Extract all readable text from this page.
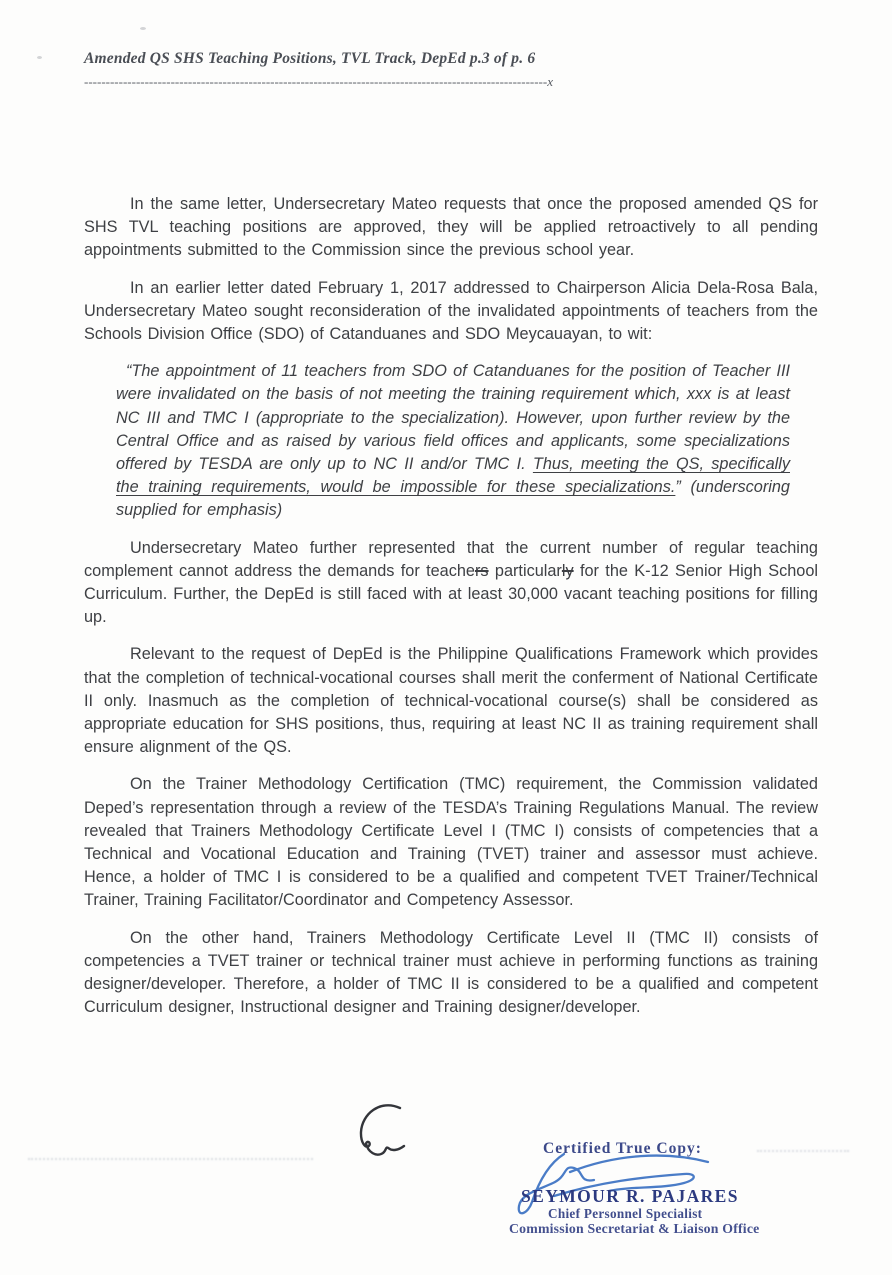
Amended QS SHS Teaching Positions, TVL Track, DepEd p.3 of p. 6
-----------------------------------------------------------------------------------------------------------x

In the same letter, Undersecretary Mateo requests that once the proposed amended QS for SHS TVL teaching positions are approved, they will be applied retroactively to all pending appointments submitted to the Commission since the previous school year.

In an earlier letter dated February 1, 2017 addressed to Chairperson Alicia Dela-Rosa Bala, Undersecretary Mateo sought reconsideration of the invalidated appointments of teachers from the Schools Division Office (SDO) of Catanduanes and SDO Meycauayan, to wit:

“The appointment of 11 teachers from SDO of Catanduanes for the position of Teacher III were invalidated on the basis of not meeting the training requirement which, xxx is at least NC III and TMC I (appropriate to the specialization). However, upon further review by the Central Office and as raised by various field offices and applicants, some specializations offered by TESDA are only up to NC II and/or TMC I. Thus, meeting the QS, specifically the training requirements, would be impossible for these specializations.” (underscoring supplied for emphasis)

Undersecretary Mateo further represented that the current number of regular teaching complement cannot address the demands for teachers particularly for the K-12 Senior High School Curriculum. Further, the DepEd is still faced with at least 30,000 vacant teaching positions for filling up.

Relevant to the request of DepEd is the Philippine Qualifications Framework which provides that the completion of technical-vocational courses shall merit the conferment of National Certificate II only. Inasmuch as the completion of technical-vocational course(s) shall be considered as appropriate education for SHS positions, thus, requiring at least NC II as training requirement shall ensure alignment of the QS.

On the Trainer Methodology Certification (TMC) requirement, the Commission validated Deped’s representation through a review of the TESDA’s Training Regulations Manual. The review revealed that Trainers Methodology Certificate Level I (TMC I) consists of competencies that a Technical and Vocational Education and Training (TVET) trainer and assessor must achieve. Hence, a holder of TMC I is considered to be a qualified and competent TVET Trainer/Technical Trainer, Training Facilitator/Coordinator and Competency Assessor.

On the other hand, Trainers Methodology Certificate Level II (TMC II) consists of competencies a TVET trainer or technical trainer must achieve in performing functions as training designer/developer. Therefore, a holder of TMC II is considered to be a qualified and competent Curriculum designer, Instructional designer and Training designer/developer.

Certified True Copy:
SEYMOUR R. PAJARES
Chief Personnel Specialist
Commission Secretariat & Liaison Office
